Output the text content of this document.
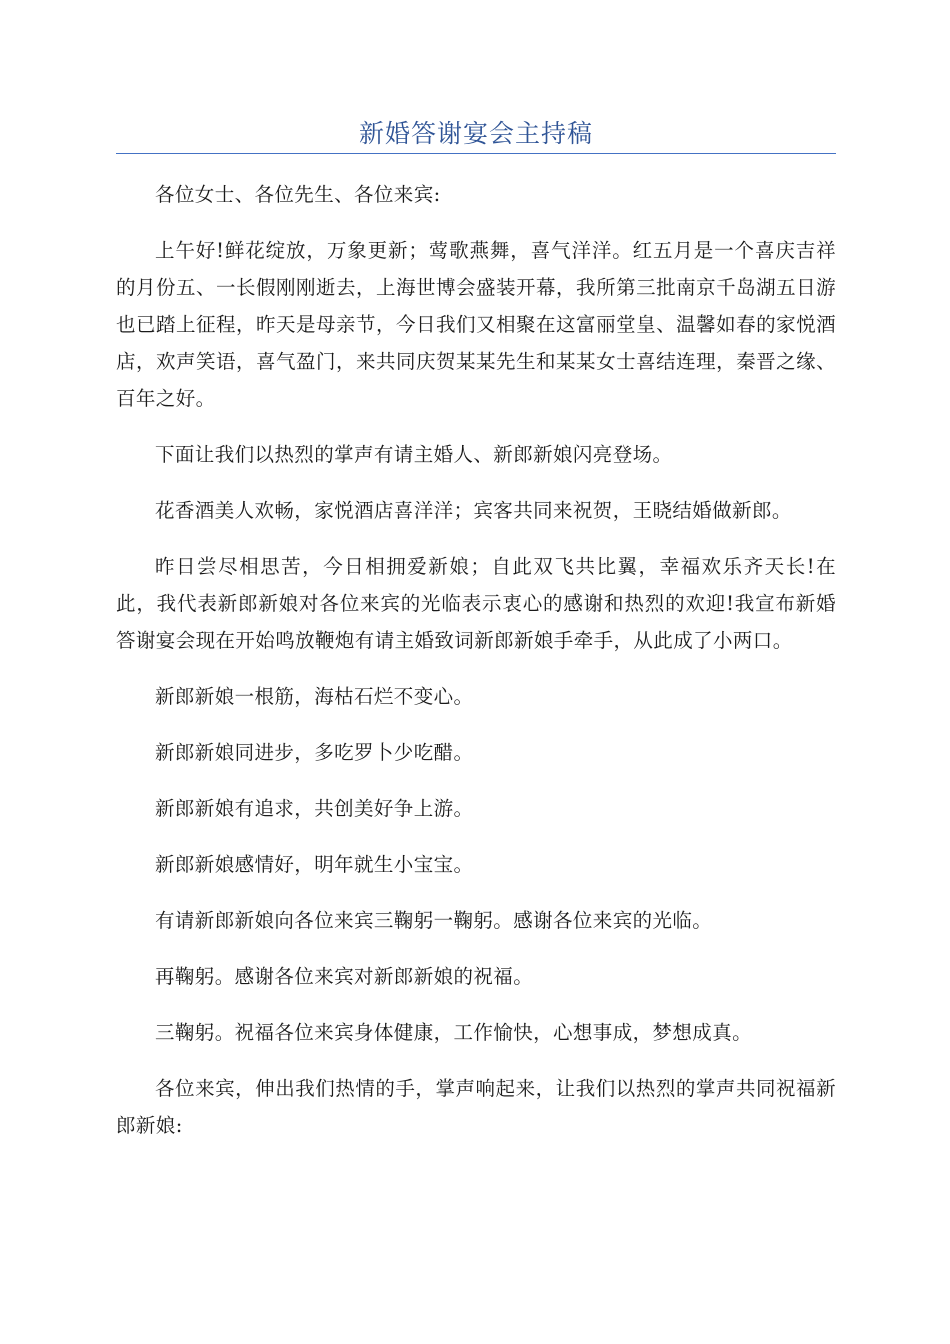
新婚答谢宴会主持稿

各位女士、各位先生、各位来宾:

上午好!鲜花绽放，万象更新；莺歌燕舞，喜气洋洋。红五月是一个喜庆吉祥的月份五、一长假刚刚逝去，上海世博会盛装开幕，我所第三批南京千岛湖五日游也已踏上征程，昨天是母亲节，今日我们又相聚在这富丽堂皇、温馨如春的家悦酒店，欢声笑语，喜气盈门，来共同庆贺某某先生和某某女士喜结连理，秦晋之缘、百年之好。

下面让我们以热烈的掌声有请主婚人、新郎新娘闪亮登场。

花香酒美人欢畅，家悦酒店喜洋洋；宾客共同来祝贺，王晓结婚做新郎。

昨日尝尽相思苦，今日相拥爱新娘；自此双飞共比翼，幸福欢乐齐天长!在此，我代表新郎新娘对各位来宾的光临表示衷心的感谢和热烈的欢迎!我宣布新婚答谢宴会现在开始鸣放鞭炮有请主婚致词新郎新娘手牵手，从此成了小两口。

新郎新娘一根筋，海枯石烂不变心。

新郎新娘同进步，多吃罗卜少吃醋。

新郎新娘有追求，共创美好争上游。

新郎新娘感情好，明年就生小宝宝。

有请新郎新娘向各位来宾三鞠躬一鞠躬。感谢各位来宾的光临。

再鞠躬。感谢各位来宾对新郎新娘的祝福。

三鞠躬。祝福各位来宾身体健康，工作愉快，心想事成，梦想成真。

各位来宾，伸出我们热情的手，掌声响起来，让我们以热烈的掌声共同祝福新郎新娘:
